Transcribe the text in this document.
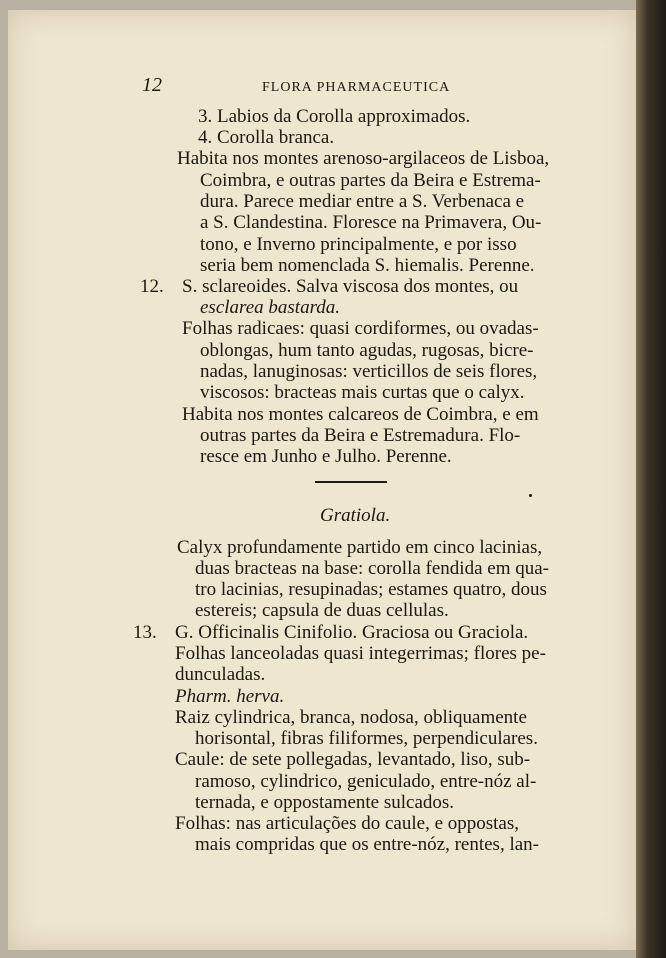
12	FLORA PHARMACEUTICA
3. Labios da Corolla approximados.
4. Corolla branca.
Habita nos montes arenoso-argilaceos de Lisboa,
Coimbra, e outras partes da Beira e Estrema-
dura. Parece mediar entre a S. Verbenaca e
a S. Clandestina. Floresce na Primavera, Ou-
tono, e Inverno principalmente, e por isso
seria bem nomenclada S. hiemalis. Perenne.
12. S. sclareoides. Salva viscosa dos montes, ou
esclarea bastarda.
Folhas radicaes: quasi cordiformes, ou ovadas-
oblongas, hum tanto agudas, rugosas, bicre-
nadas, lanuginosas: verticillos de seis flores,
viscosos: bracteas mais curtas que o calyx.
Habita nos montes calcareos de Coimbra, e em
outras partes da Beira e Estremadura. Flo-
resce em Junho e Julho. Perenne.
Gratiola.
Calyx profundamente partido em cinco lacinias,
duas bracteas na base: corolla fendida em qua-
tro lacinias, resupinadas; estames quatro, dous
estereis; capsula de duas cellulas.
13. G. Officinalis Cinifolio. Graciosa ou Graciola.
Folhas lanceoladas quasi integerrimas; flores pe-
dunculadas.
Pharm. herva.
Raiz cylindrica, branca, nodosa, obliquamente
horisontal, fibras filiformes, perpendiculares.
Caule: de sete pollegadas, levantado, liso, sub-
ramoso, cylindrico, geniculado, entre-nóz al-
ternada, e oppostamente sulcados.
Folhas: nas articulações do caule, e oppostas,
mais compridas que os entre-nóz, rentes, lan-
